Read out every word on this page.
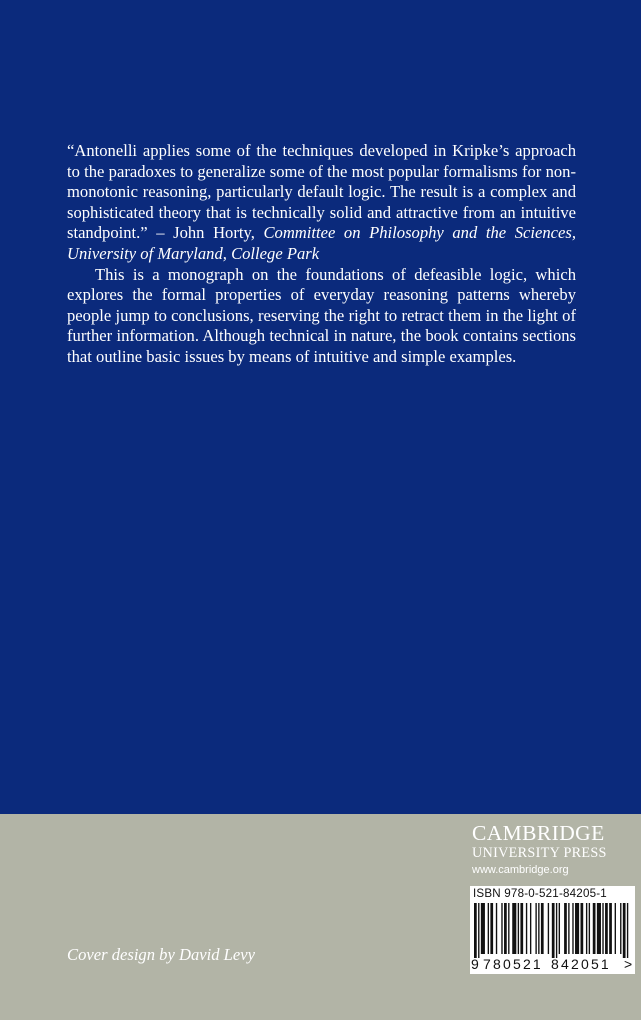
“Antonelli applies some of the techniques developed in Kripke’s approach to the paradoxes to generalize some of the most popular formalisms for non-monotonic reasoning, particularly default logic. The result is a complex and sophisticated theory that is technically solid and attractive from an intuitive standpoint.” – John Horty, Committee on Philosophy and the Sciences, University of Maryland, College Park

This is a monograph on the foundations of defeasible logic, which explores the formal properties of everyday reasoning patterns whereby people jump to conclusions, reserving the right to retract them in the light of further information. Although technical in nature, the book contains sections that outline basic issues by means of intuitive and simple examples.

Cover design by David Levy
CAMBRIDGE
UNIVERSITY PRESS
www.cambridge.org
ISBN 978-0-521-84205-1
9 780521 842051 >
